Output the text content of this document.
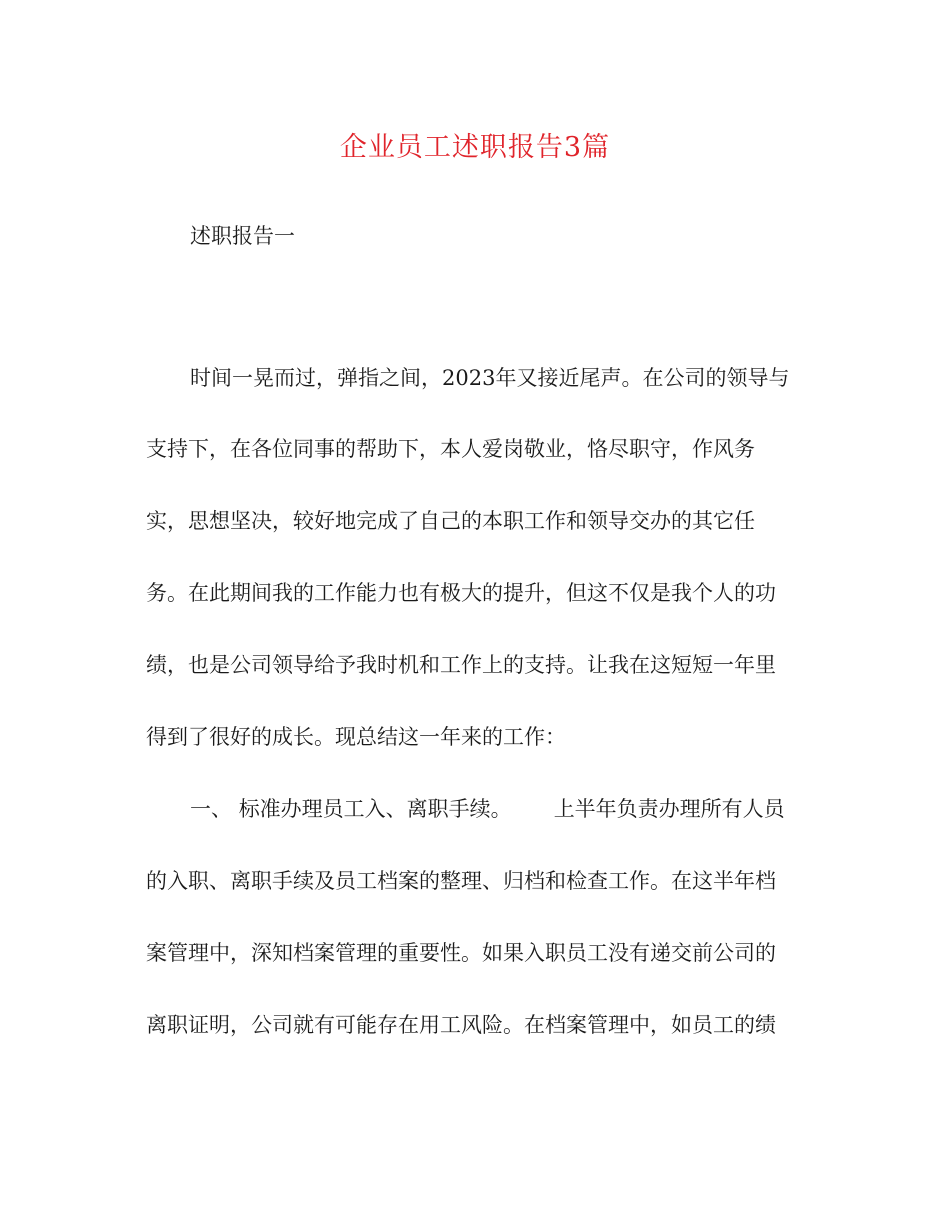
企业员工述职报告3篇
述职报告一
时间一晃而过，弹指之间，2023年又接近尾声。在公司的领导与
支持下，在各位同事的帮助下，本人爱岗敬业，恪尽职守，作风务
实，思想坚决，较好地完成了自己的本职工作和领导交办的其它任
务。在此期间我的工作能力也有极大的提升，但这不仅是我个人的功
绩，也是公司领导给予我时机和工作上的支持。让我在这短短一年里
得到了很好的成长。现总结这一年来的工作：
一、 标准办理员工入、离职手续。 上半年负责办理所有人员
的入职、离职手续及员工档案的整理、归档和检查工作。在这半年档
案管理中，深知档案管理的重要性。如果入职员工没有递交前公司的
离职证明，公司就有可能存在用工风险。在档案管理中，如员工的绩
